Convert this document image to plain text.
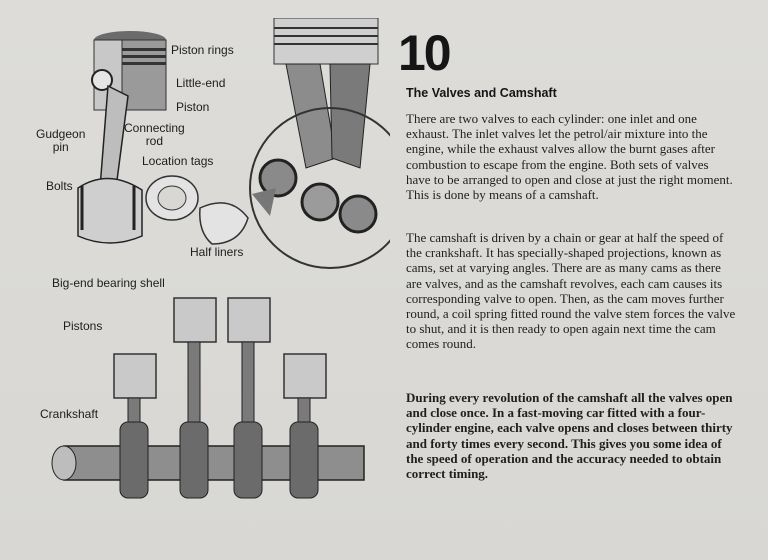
Piston rings
Little-end
Piston
Gudgeon
pin
Connecting
rod
Location tags
Bolts
Half liners
Big-end bearing shell
Pistons
Crankshaft
10
The Valves and Camshaft
There are two valves to each cylinder: one inlet and one exhaust. The inlet valves let the petrol/air mixture into the engine, while the exhaust valves allow the burnt gases after combustion to escape from the engine. Both sets of valves have to be arranged to open and close at just the right moment. This is done by means of a camshaft.
The camshaft is driven by a chain or gear at half the speed of the crankshaft. It has specially-shaped projections, known as cams, set at varying angles. There are as many cams as there are valves, and as the camshaft revolves, each cam causes its corresponding valve to open. Then, as the cam moves further round, a coil spring fitted round the valve stem forces the valve to shut, and it is then ready to open again next time the cam comes round.
During every revolution of the camshaft all the valves open and close once. In a fast-moving car fitted with a four-cylinder engine, each valve opens and closes between thirty and forty times every second. This gives you some idea of the speed of operation and the accuracy needed to obtain correct timing.
